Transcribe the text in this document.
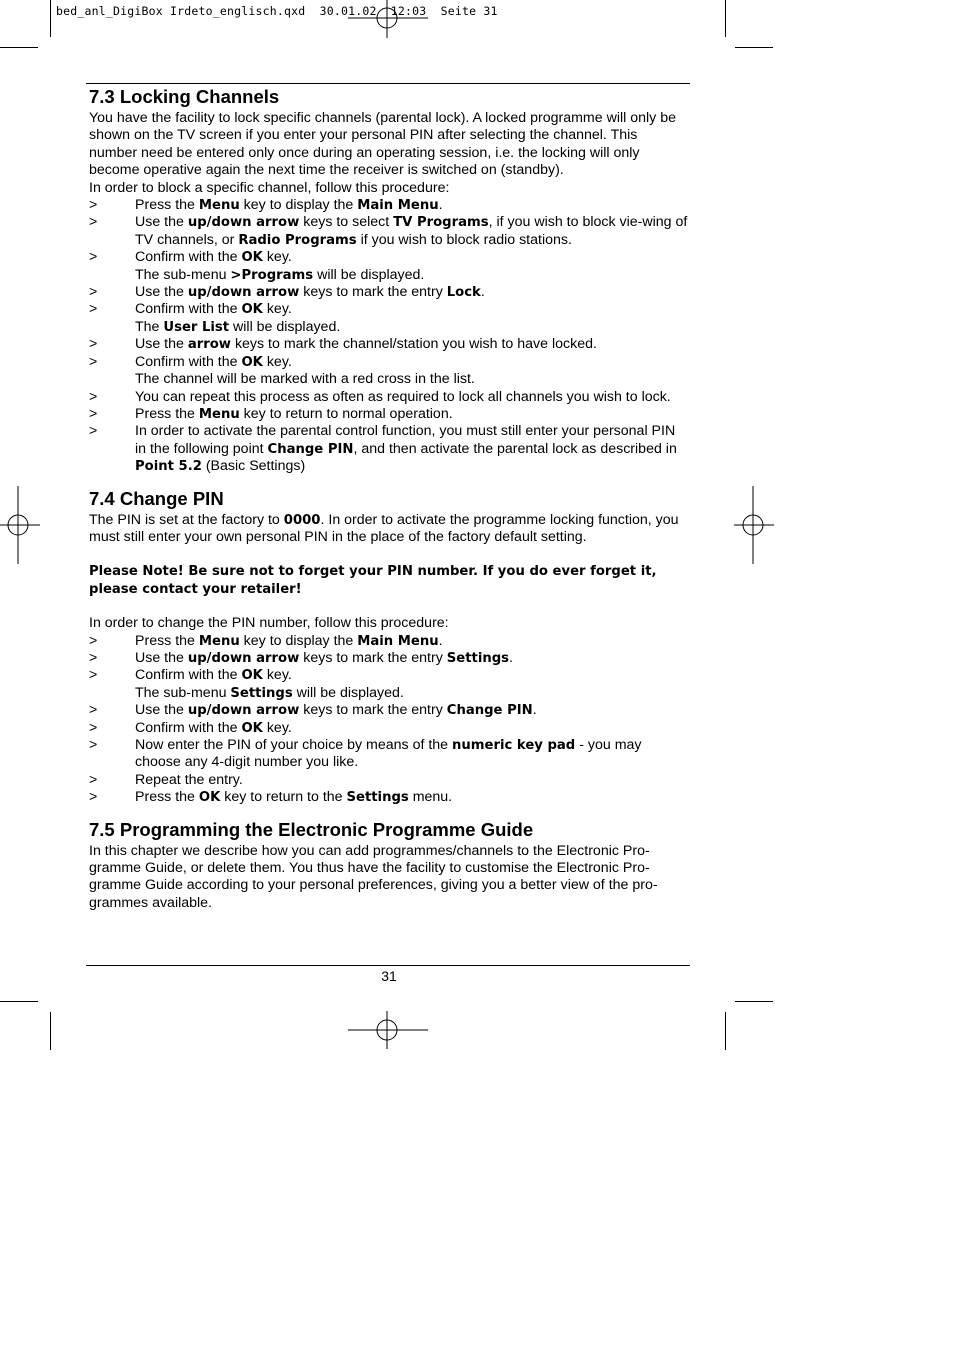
bed_anl_DigiBox Irdeto_englisch.qxd  30.01.02  12:03  Seite 31
7.3 Locking Channels

You have the facility to lock specific channels (parental lock). A locked programme will only be shown on the TV screen if you enter your personal PIN after selecting the channel. This number need be entered only once during an operating session, i.e. the locking will only become operative again the next time the receiver is switched on (standby).

In order to block a specific channel, follow this procedure:

>	Press the Menu key to display the Main Menu.
>	Use the up/down arrow keys to select TV Programs, if you wish to block vie-wing of TV channels, or Radio Programs if you wish to block radio stations.
>	Confirm with the OK key.
The sub-menu >Programs will be displayed.
>	Use the up/down arrow keys to mark the entry Lock.
>	Confirm with the OK key.
The User List will be displayed.
>	Use the arrow keys to mark the channel/station you wish to have locked.
>	Confirm with the OK key.
The channel will be marked with a red cross in the list.
>	You can repeat this process as often as required to lock all channels you wish to lock.
>	Press the Menu key to return to normal operation.
>	In order to activate the parental control function, you must still enter your personal PIN in the following point Change PIN, and then activate the parental lock as described in Point 5.2 (Basic Settings)
7.4 Change PIN

The PIN is set at the factory to 0000. In order to activate the programme locking function, you must still enter your own personal PIN in the place of the factory default setting.

Please Note! Be sure not to forget your PIN number. If you do ever forget it, please contact your retailer!

In order to change the PIN number, follow this procedure:

>	Press the Menu key to display the Main Menu.
>	Use the up/down arrow keys to mark the entry Settings.
>	Confirm with the OK key.
The sub-menu Settings will be displayed.
>	Use the up/down arrow keys to mark the entry Change PIN.
>	Confirm with the OK key.
>	Now enter the PIN of your choice by means of the numeric key pad - you may choose any 4-digit number you like.
>	Repeat the entry.
>	Press the OK key to return to the Settings menu.
7.5 Programming the Electronic Programme Guide

In this chapter we describe how you can add programmes/channels to the Electronic Pro-gramme Guide, or delete them. You thus have the facility to customise the Electronic Pro-gramme Guide according to your personal preferences, giving you a better view of the pro-grammes available.

31
